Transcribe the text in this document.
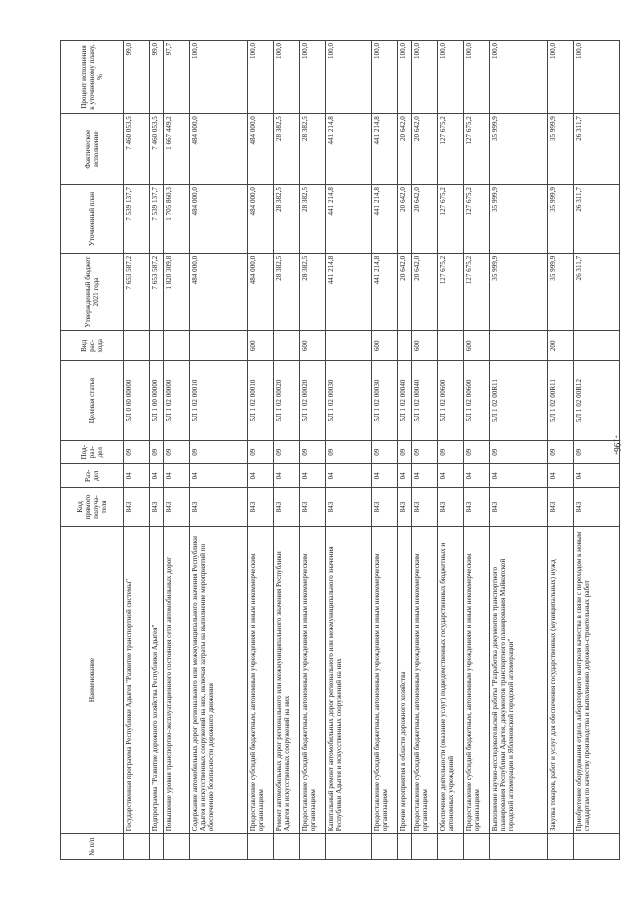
-196-
№ п/п	Наименование	Код прямого получа-теля	Раз-дел	Под-раз-дел	Целевая статья	Вид рас-хода	Утвержденный бюджет 2021 года	Уточненный план	Фактическое исполнение	Процент исполнения к уточненному плану, %
	Государственная программа Республики Адыгея "Развитие транспортной системы"	843	04	09	5Л 0 00 00000		7 653 587,2	7 539 137,7	7 460 053,5	99,0
	Подпрограмма "Развитие дорожного хозяйства Республики Адыгея"	843	04	09	5Л 1 00 00000		7 653 587,2	7 539 137,7	7 460 053,5	99,0
	Повышение уровня транспортно-эксплуатационного состояния сети автомобильных дорог	843	04	09	5Л 1 02 00000		1 820 309,8	1 705 860,3	1 667 449,2	97,7
	Содержание автомобильных дорог регионального или межмуниципального значения Республики Адыгея и искусственных сооружений на них, включая затраты на выполнение мероприятий по обеспечению безопасности дорожного движения	843	04	09	5Л 1 02 00010		484 000,0	484 000,0	484 000,0	100,0
	Предоставление субсидий бюджетным, автономным учреждениям и иным некоммерческим организациям	843	04	09	5Л 1 02 00010	600	484 000,0	484 000,0	484 000,0	100,0
	Ремонт автомобильных дорог регионального или межмуниципального значения Республики Адыгея и искусственных сооружений на них	843	04	09	5Л 1 02 00020		28 382,5	28 382,5	28 382,5	100,0
	Предоставление субсидий бюджетным, автономным учреждениям и иным некоммерческим организациям	843	04	09	5Л 1 02 00020	600	28 382,5	28 382,5	28 382,5	100,0
	Капитальный ремонт автомобильных дорог регионального или межмуниципального значения Республики Адыгея и искусственных сооружений на них	843	04	09	5Л 1 02 00030		441 214,8	441 214,8	441 214,8	100,0
	Предоставление субсидий бюджетным, автономным учреждениям и иным некоммерческим организациям	843	04	09	5Л 1 02 00030	600	441 214,8	441 214,8	441 214,8	100,0
	Прочие мероприятия в области дорожного хозяйства	843	04	09	5Л 1 02 00040		20 642,0	20 642,0	20 642,0	100,0
	Предоставление субсидий бюджетным, автономным учреждениям и иным некоммерческим организациям	843	04	09	5Л 1 02 00040	600	20 642,0	20 642,0	20 642,0	100,0
	Обеспечение деятельности (оказание услуг) подведомственных государственных бюджетных и автономных учреждений	843	04	09	5Л 1 02 00600		127 675,2	127 675,2	127 675,2	100,0
	Предоставление субсидий бюджетным, автономным учреждениям и иным некоммерческим организациям	843	04	09	5Л 1 02 00600	600	127 675,2	127 675,2	127 675,2	100,0
	Выполнение научно-исследовательской работы "Разработка документов транспортного планирования Республики Адыгея, документов транспортного планирования Майкопской городской агломерации и Яблоновской городской агломерации"	843	04	09	5Л 1 02 00R11		35 999,9	35 999,9	35 999,9	100,0
	Закупка товаров, работ и услуг для обеспечения государственных (муниципальных) нужд	843	04	09	5Л 1 02 00R11	200	35 999,9	35 999,9	35 999,9	100,0
	Приобретение оборудования отдела лабораторного контроля качества в связи с переходом к новым стандартам по качеству производства и выполнению дорожно-строительных работ	843	04	09	5Л 1 02 00R12		26 311,7	26 311,7	26 311,7	100,0
